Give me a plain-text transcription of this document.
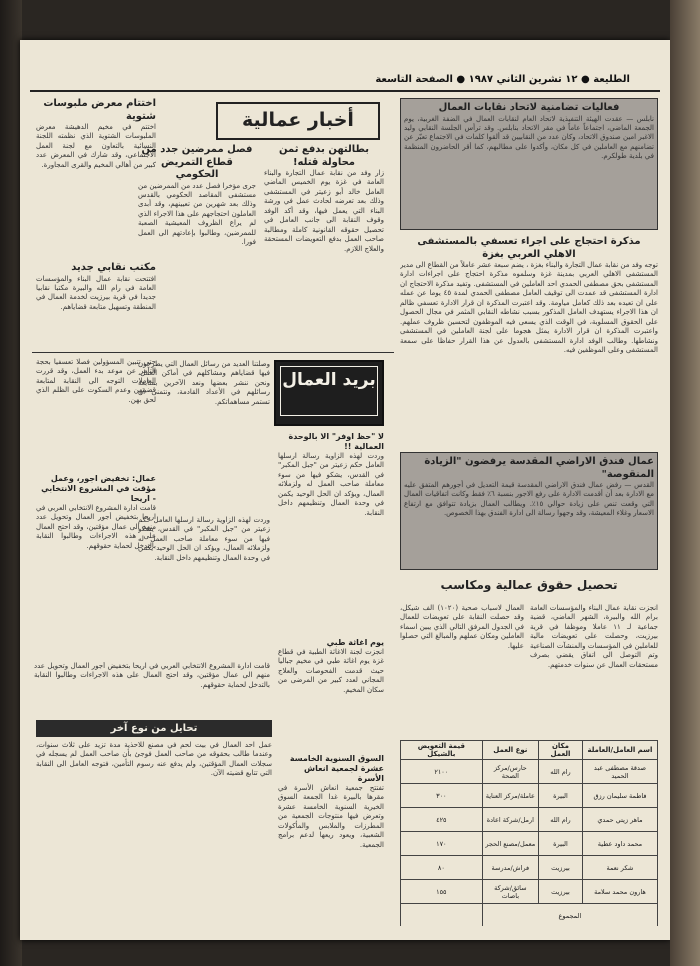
الطليعة ● ١٢ تشرين الثاني ١٩٨٧ ● الصفحة التاسعة
فعاليات تضامنية لاتحاد نقابات العمال
نابلس — عقدت الهيئة التنفيذية لاتحاد العام لنقابات العمال في الضفة الغربية، يوم الجمعة الماضي، اجتماعاً عاماً في مقر الاتحاد بنابلس. وقد ترأس الجلسة النقابي وليد الاغبر امين صندوق الاتحاد، وكان عدد من النقابيين قد ألقوا كلمات في الاجتماع تعبّر عن تضامنهم مع العاملين في كل مكان، وأكدوا على مطالبهم، كما أقر الحاضرون المنظمة في بلدية طولكرم.
أخبار عمالية
اختتام معرض ملبوسات شتوية
اختتم في مخيم الدهيشة معرض الملبوسات الشتوية الذي نظمته اللجنة النسائية بالتعاون مع لجنة العمل الاجتماعي، وقد شارك في المعرض عدد كبير من أهالي المخيم والقرى المجاورة.
مكتب نقابي جديد
افتتحت نقابة عمال البناء والمؤسسات العامة في رام الله والبيرة مكتبا نقابيا جديدا في قرية بيرزيت لخدمة العمال في المنطقة وتسهيل متابعة قضاياهم.
بطالتهن بدفع ثمن محاولة قتله!
زار وفد من نقابة عمال التجارة والبناء العامة في غزة يوم الخميس الماضي العامل خالد أبو زعيتر في المستشفى وذلك بعد تعرضه لحادث عمل في ورشة البناء التي يعمل فيها، وقد أكد الوفد وقوف النقابة الى جانب العامل في تحصيل حقوقه القانونية كاملة ومطالبة صاحب العمل بدفع التعويضات المستحقة والعلاج اللازم.
فصل ممرضين جدد من قطاع التمريض الحكومي
جرى مؤخرا فصل عدد من الممرضين من مستشفى المقاصد الحكومي بالقدس وذلك بعد شهرين من تعيينهم، وقد أبدى العاملون احتجاجهم على هذا الاجراء الذي لم يراع الظروف المعيشية الصعبة للممرضين، وطالبوا بإعادتهم الى العمل فورا.	مذكرة احتجاج على اجراء تعسفي بالمستشفى الاهلي العربي بغزة
توجه وفد من نقابة عمال التجارة والبناء بغزة ، يضم سبعة عشر عاملاً من القطاع الى مدير المستشفى الاهلي العربي بمدينة غزة وسلموه مذكرة احتجاج على اجراءات ادارة المستشفى بحق مصطفى الحمدي احد العاملين في المستشفى. وتفيد مذكرة الاحتجاج ان ادارة المستشفى قد عمدت الى توقيف العامل مصطفى الحمدي لمدة ٤٥ يوما عن عمله على ان تعيده بعد ذلك كعامل مياومة. وقد اعتبرت المذكرة ان قرار الادارة تعسفي ظالم ان هذا الاجراء يستهدف العامل المذكور بسبب نشاطه النقابي المثمر في مجال الحصول على الحقوق المسلوبة، في الوقت الذي يسعى فيه الموظفون لتحسين ظروف عملهم. واعتبرت المذكرة ان قرار الادارة يمثل هجوما على لجنة العاملين في المستشفى ونشاطها. وطالب الوفد ادارة المستشفى بالعدول عن هذا القرار حفاظا على سمعة المستشفى وعلى الموظفين فيه.
حتى تتبين المسؤولين فصلا تعسفيا بحجة التآمر عن موعد بدء العمل، وقد قررت العاملات التوجه الى النقابة لمتابعة قضيتهن وعدم السكوت على الظلم الذي لحق بهن.
بريد العمال
وصلتنا العديد من رسائل العمال التي يطرحون فيها قضاياهم ومشاكلهم في أماكن العمل، ونحن ننشر بعضها ونعد الآخرين بمتابعة رسائلهم في الأعداد القادمة، ونتمنى ان تستمر مساهماتكم.
لا "حظ اوفر" الا بالوحدة العمالية !!
وردت لهذه الزاوية رسالة ارسلها العامل حكم زعيتر من "جبل المكبر" في القدس، يشكو فيها من سوء معاملة صاحب العمل له ولزملائه العمال، ويؤكد ان الحل الوحيد يكمن في وحدة العمال وتنظيمهم داخل النقابة.
عمال فندق الاراضي المقدسة يرفضون "الزيادة المنقوصة"
القدس — رفض عمال فندق الاراضي المقدسة قيمة التعديل في أجورهم المتفق عليه مع الادارة بعد أن أقدمت الادارة على رفع الاجور بنسبة ٦٪ فقط وكانت اتفاقيات العمال التي وقعت تنص على زيادة حوالي ١٥٪. ويطالب العمال بزيادة تتوافق مع ارتفاع الاسعار وغلاء المعيشة، وقد وجهوا رسالة الى ادارة الفندق بهذا الخصوص.
عمال: تخفيض اجور، وعمل مؤقت في المشروع الانتخابي - اريحا
قامت ادارة المشروع الانتخابي العربي في اريحا بتخفيض أجور العمال وتحويل عدد منهم الى عمال مؤقتين، وقد احتج العمال على هذه الاجراءات وطالبوا النقابة بالتدخل لحماية حقوقهم.
وردت لهذه الزاوية رسالة ارسلها العامل حكم زعيتر من "جبل المكبر" في القدس، يشكو فيها من سوء معاملة صاحب العمل له ولزملائه العمال، ويؤكد ان الحل الوحيد يكمن في وحدة العمال وتنظيمهم داخل النقابة.
تحصيل حقوق عمالية ومكاسب
انجزت نقابة عمال البناء والمؤسسات العامة برام الله والبيرة، الشهر الماضي، قضية جماعية لـ ١١ عاملا وموظفا في قرية بيرزيت، وحصلت على تعويضات مالية للعاملين في المؤسسات والمنشآت الصناعية وتم التوصل الى اتفاق يقضي بصرف مستحقات العمال عن سنوات خدمتهم.
العمال لاسباب صحية (١٠٢٠) الف شيكل، وقد حصلت النقابة على تعويضات للعمال في الجدول المرفق التالي الذي يبين اسماء العاملين ومكان عملهم والمبالغ التي حصلوا عليها.
يوم اغاثة طبي
انجزت لجنة الاغاثة الطبية في قطاع غزة يوم اغاثة طبي في مخيم جباليا حيث قدمت الفحوصات والعلاج المجاني لعدد كبير من المرضى من سكان المخيم.
قامت ادارة المشروع الانتخابي العربي في اريحا بتخفيض أجور العمال وتحويل عدد منهم الى عمال مؤقتين، وقد احتج العمال على هذه الاجراءات وطالبوا النقابة بالتدخل لحماية حقوقهم.
تحايل من نوع آخر
عمل احد العمال في بيت لحم في مصنع للاحذية مدة تزيد على ثلاث سنوات، وعندما طالب بحقوقه من صاحب العمل فوجئ بأن صاحب العمل لم يسجله في سجلات العمال المؤقتين، ولم يدفع عنه رسوم التأمين، فتوجه العامل الى النقابة التي تتابع قضيته الآن.
السوق السنوية الخامسة عشرة لجمعية انعاش الأسرة
تفتتح جمعية انعاش الأسرة في مقرها بالبيرة غدا الجمعة السوق الخيرية السنوية الخامسة عشرة وتعرض فيها منتوجات الجمعية من المطرزات والملابس والمأكولات الشعبية، ويعود ريعها لدعم برامج الجمعية.
اسم العامل/العاملة	مكان العمل	نوع العمل	قيمة التعويض بالشيكل
صدقة مصطفى عبد الحميد	رام الله	حارس/مركز الصحة	٢١٠٠
فاطمة سليمان رزق	البيرة	عاملة/مركز العناية	٣٠٠
ماهر زيتي حمدي	رام الله	ارمل/شركة اعادة	٤٢٥
محمد داود عطية	البيرة	معمل/مصنع الحجر	١٧٠
شكر نعمة	بيرزيت	فراش/مدرسة	٨٠
هارون محمد سلامة	بيرزيت	سائق/شركة باصات	١٥٥
المجموع			
